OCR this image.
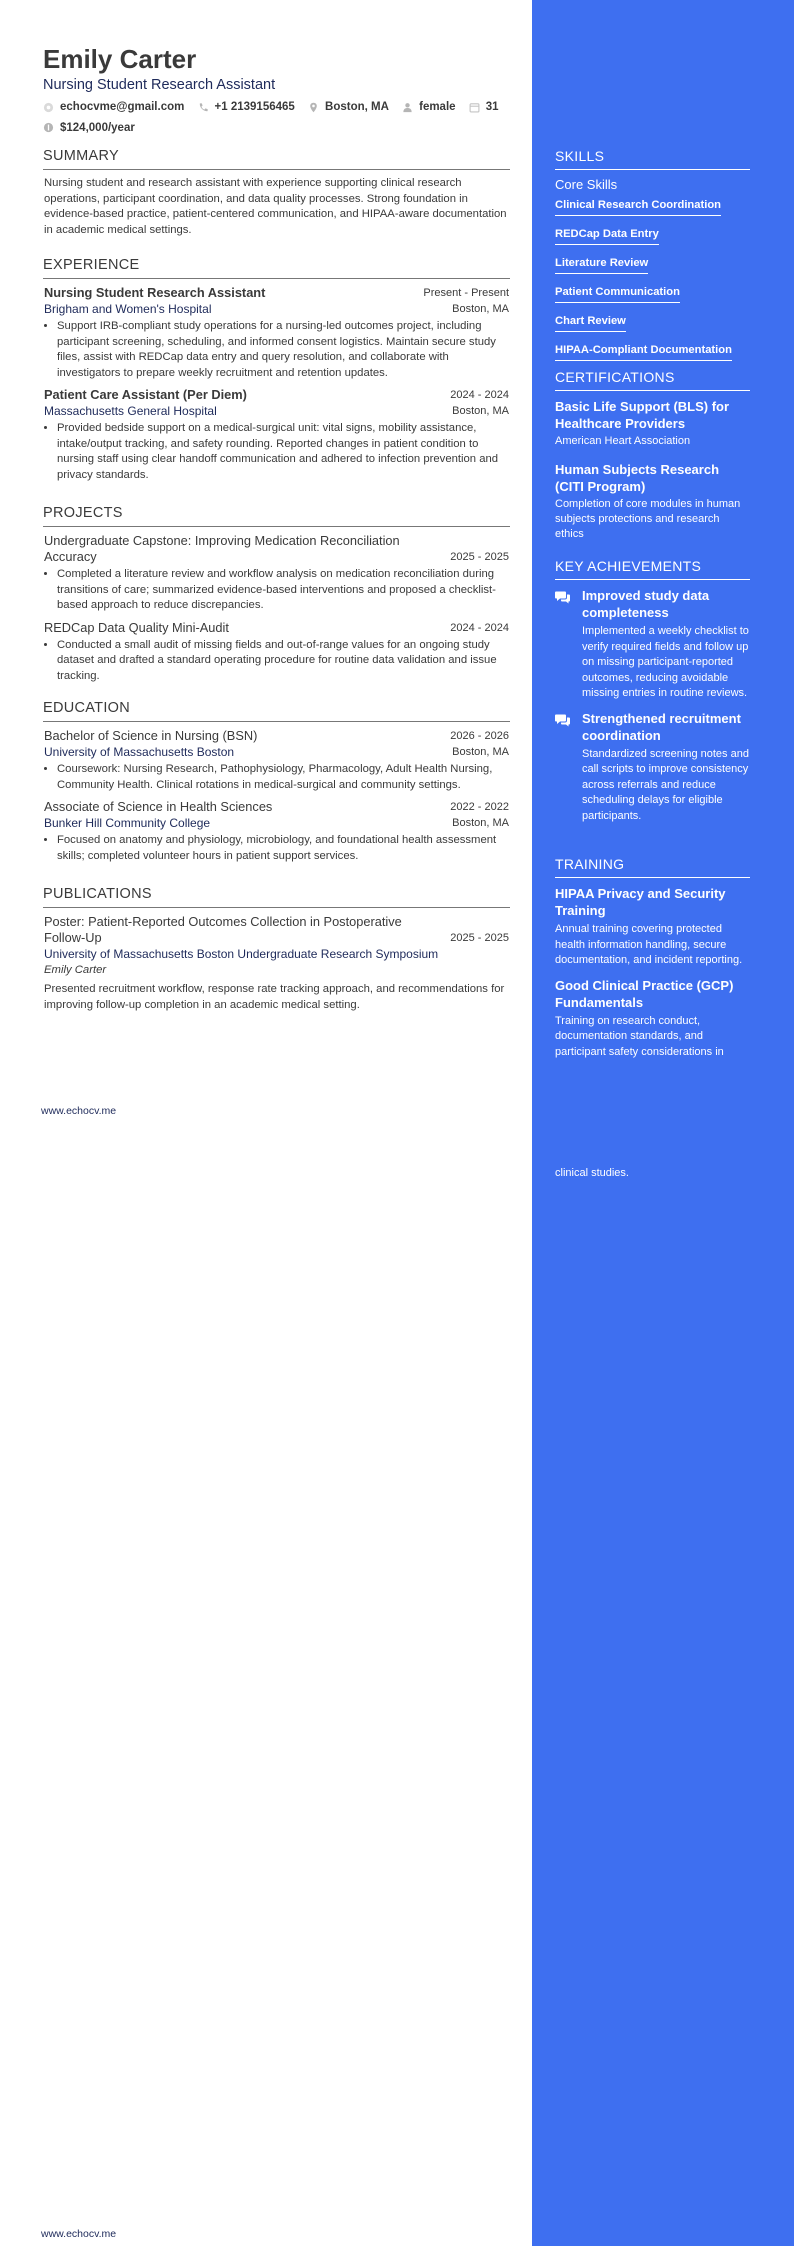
Emily Carter
Nursing Student Research Assistant
echocvme@gmail.com
	+1 2139156465
	Boston, MA
	female
	31

$124,000/year
SUMMARY

Nursing student and research assistant with experience supporting clinical research operations, participant coordination, and data quality processes. Strong foundation in evidence-based practice, patient-centered communication, and HIPAA-aware documentation in academic medical settings.

EXPERIENCE
Nursing Student Research Assistant	Present - Present
Brigham and Women's Hospital	Boston, MA
• Support IRB-compliant study operations for a nursing-led outcomes project, including participant screening, scheduling, and informed consent logistics. Maintain secure study files, assist with REDCap data entry and query resolution, and collaborate with investigators to prepare weekly recruitment and retention updates.
Patient Care Assistant (Per Diem)	2024 - 2024
Massachusetts General Hospital	Boston, MA
• Provided bedside support on a medical-surgical unit: vital signs, mobility assistance, intake/output tracking, and safety rounding. Reported changes in patient condition to nursing staff using clear handoff communication and adhered to infection prevention and privacy standards.
PROJECTS
Undergraduate Capstone: Improving Medication Reconciliation Accuracy	2025 - 2025
• Completed a literature review and workflow analysis on medication reconciliation during transitions of care; summarized evidence-based interventions and proposed a checklist-based approach to reduce discrepancies.
REDCap Data Quality Mini-Audit	2024 - 2024
• Conducted a small audit of missing fields and out-of-range values for an ongoing study dataset and drafted a standard operating procedure for routine data validation and issue tracking.
EDUCATION
Bachelor of Science in Nursing (BSN)	2026 - 2026
University of Massachusetts Boston	Boston, MA
• Coursework: Nursing Research, Pathophysiology, Pharmacology, Adult Health Nursing, Community Health. Clinical rotations in medical-surgical and community settings.
Associate of Science in Health Sciences	2022 - 2022
Bunker Hill Community College	Boston, MA
• Focused on anatomy and physiology, microbiology, and foundational health assessment skills; completed volunteer hours in patient support services.
PUBLICATIONS
Poster: Patient-Reported Outcomes Collection in Postoperative Follow-Up	2025 - 2025
University of Massachusetts Boston Undergraduate Research Symposium
Emily Carter

Presented recruitment workflow, response rate tracking approach, and recommendations for improving follow-up completion in an academic medical setting.

www.echocv.me
www.echocv.me
SKILLS
Core Skills
Clinical Research Coordination
REDCap Data Entry
Literature Review
Patient Communication
Chart Review
HIPAA-Compliant Documentation
CERTIFICATIONS
Basic Life Support (BLS) for Healthcare Providers
American Heart Association
Human Subjects Research (CITI Program)
Completion of core modules in human subjects protections and research ethics
KEY ACHIEVEMENTS
Improved study data completeness
Implemented a weekly checklist to verify required fields and follow up on missing participant-reported outcomes, reducing avoidable missing entries in routine reviews.
Strengthened recruitment coordination
Standardized screening notes and call scripts to improve consistency across referrals and reduce scheduling delays for eligible participants.
TRAINING
HIPAA Privacy and Security Training
Annual training covering protected health information handling, secure documentation, and incident reporting.
Good Clinical Practice (GCP) Fundamentals
Training on research conduct, documentation standards, and participant safety considerations in
clinical studies.
